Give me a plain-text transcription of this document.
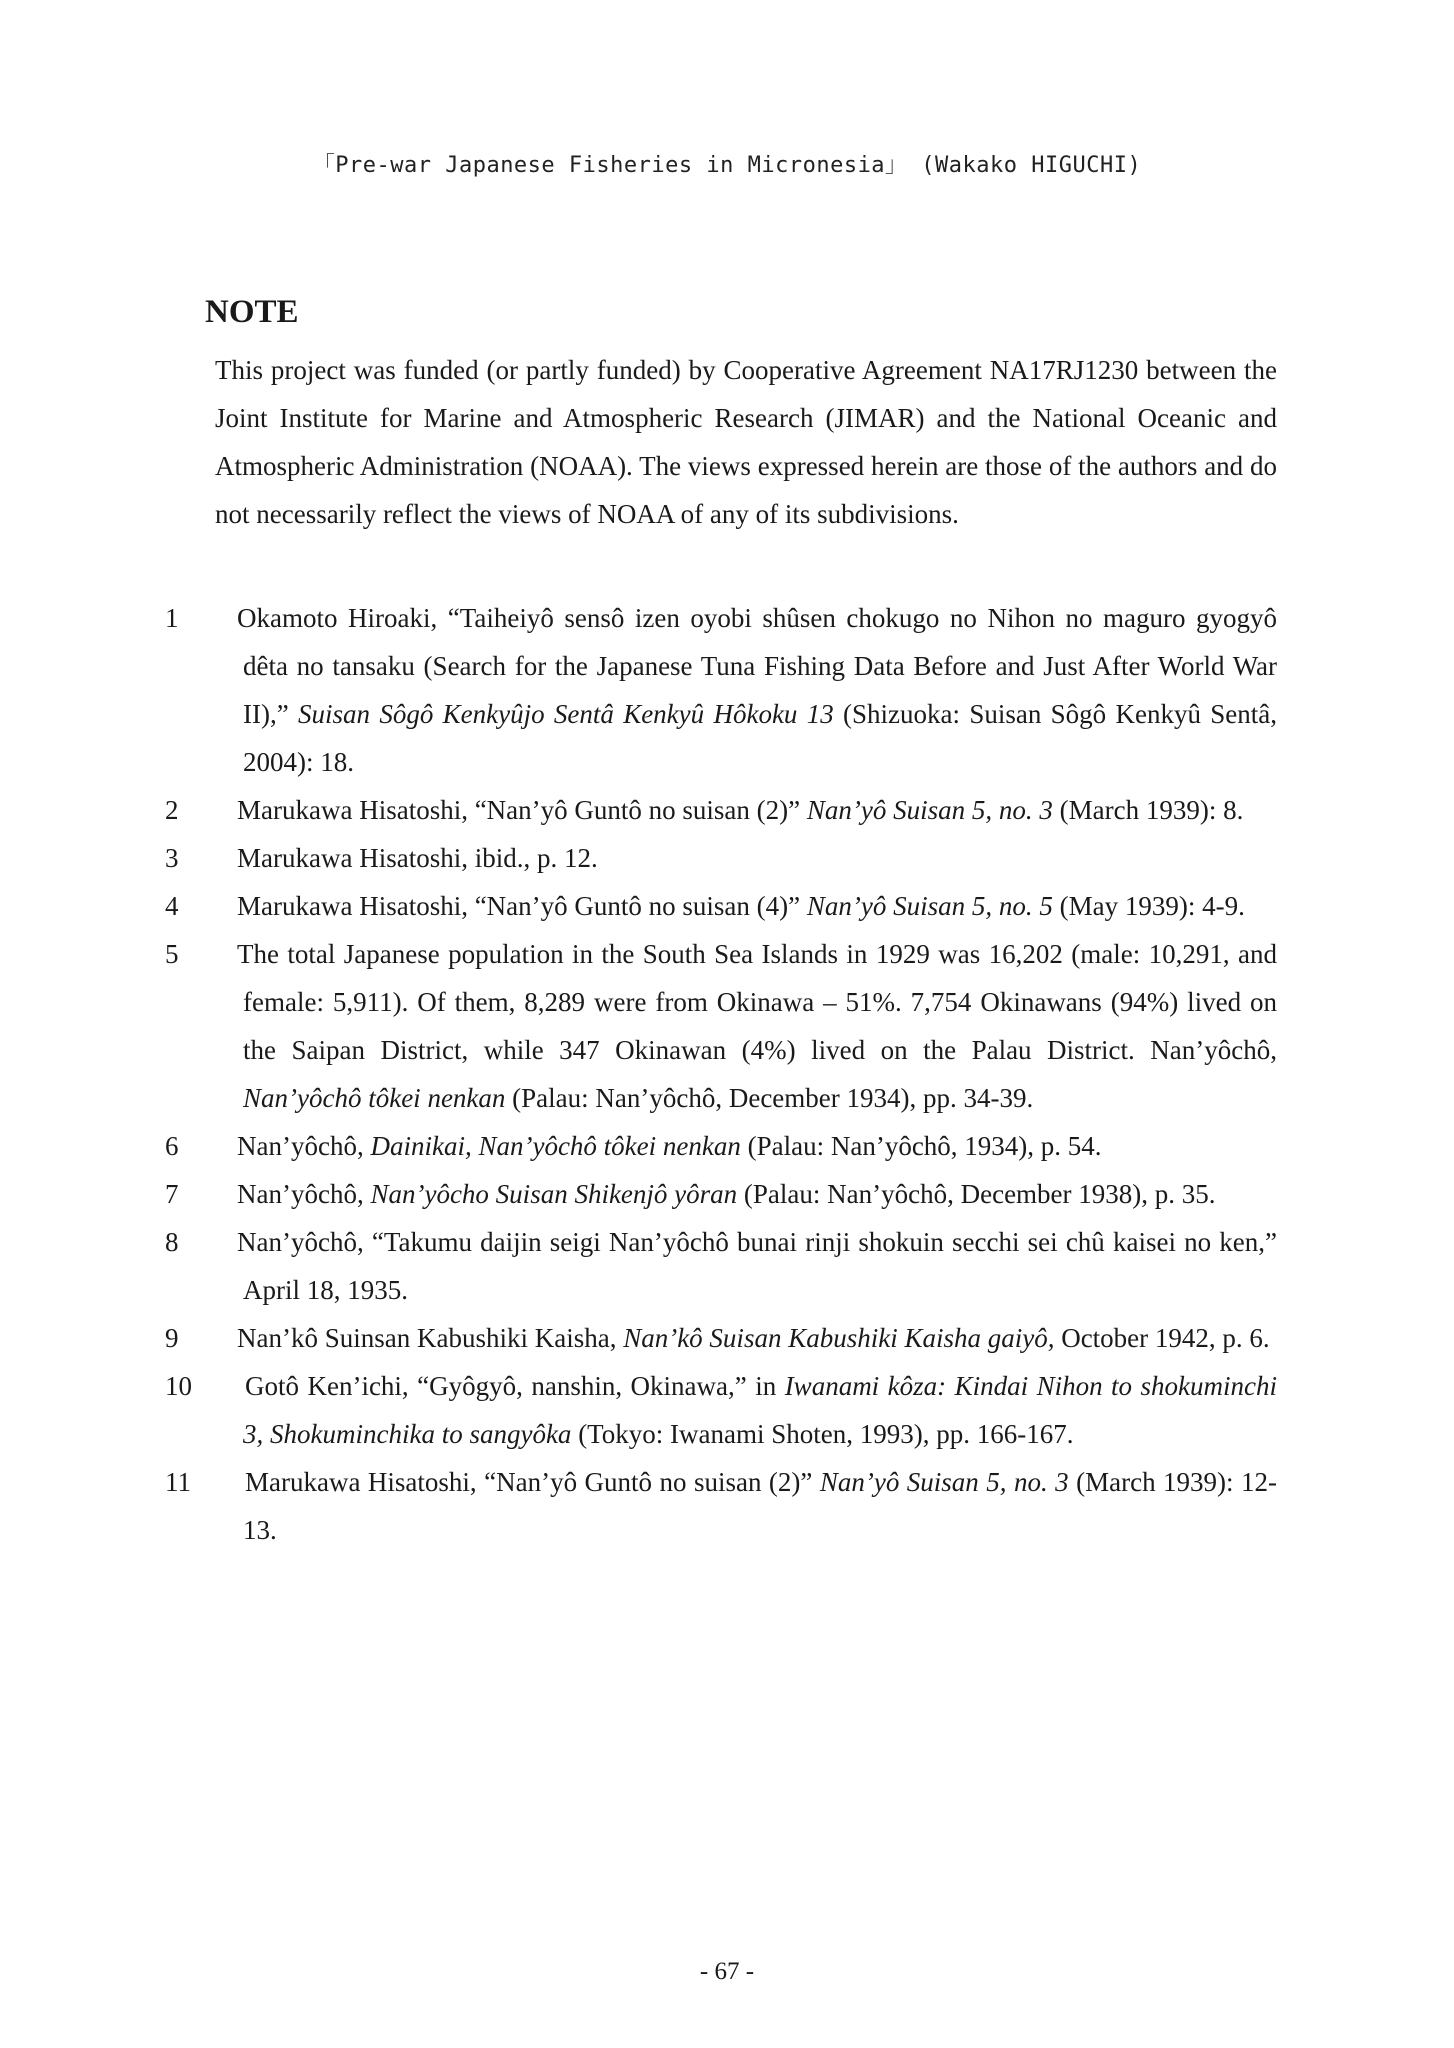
「Pre-war Japanese Fisheries in Micronesia」 (Wakako HIGUCHI)
NOTE

This project was funded (or partly funded) by Cooperative Agreement NA17RJ1230 between the Joint Institute for Marine and Atmospheric Research (JIMAR) and the National Oceanic and Atmospheric Administration (NOAA). The views expressed herein are those of the authors and do not necessarily reflect the views of NOAA of any of its subdivisions.

1 Okamoto Hiroaki, “Taiheiyô sensô izen oyobi shûsen chokugo no Nihon no maguro gyogyô dêta no tansaku (Search for the Japanese Tuna Fishing Data Before and Just After World War II),” Suisan Sôgô Kenkyûjo Sentâ Kenkyû Hôkoku 13 (Shizuoka: Suisan Sôgô Kenkyû Sentâ, 2004): 18.
2 Marukawa Hisatoshi, “Nan’yô Guntô no suisan (2)” Nan’yô Suisan 5, no. 3 (March 1939): 8.
3 Marukawa Hisatoshi, ibid., p. 12.
4 Marukawa Hisatoshi, “Nan’yô Guntô no suisan (4)” Nan’yô Suisan 5, no. 5 (May 1939): 4-9.
5 The total Japanese population in the South Sea Islands in 1929 was 16,202 (male: 10,291, and female: 5,911). Of them, 8,289 were from Okinawa – 51%. 7,754 Okinawans (94%) lived on the Saipan District, while 347 Okinawan (4%) lived on the Palau District. Nan’yôchô, Nan’yôchô tôkei nenkan (Palau: Nan’yôchô, December 1934), pp. 34-39.
6 Nan’yôchô, Dainikai, Nan’yôchô tôkei nenkan (Palau: Nan’yôchô, 1934), p. 54.
7 Nan’yôchô, Nan’yôcho Suisan Shikenjô yôran (Palau: Nan’yôchô, December 1938), p. 35.
8 Nan’yôchô, “Takumu daijin seigi Nan’yôchô bunai rinji shokuin secchi sei chû kaisei no ken,” April 18, 1935.
9 Nan’kô Suinsan Kabushiki Kaisha, Nan’kô Suisan Kabushiki Kaisha gaiyô, October 1942, p. 6.
10 Gotô Ken’ichi, “Gyôgyô, nanshin, Okinawa,” in Iwanami kôza: Kindai Nihon to shokuminchi 3, Shokuminchika to sangyôka (Tokyo: Iwanami Shoten, 1993), pp. 166-167.
11 Marukawa Hisatoshi, “Nan’yô Guntô no suisan (2)” Nan’yô Suisan 5, no. 3 (March 1939): 12-13.
- 67 -
